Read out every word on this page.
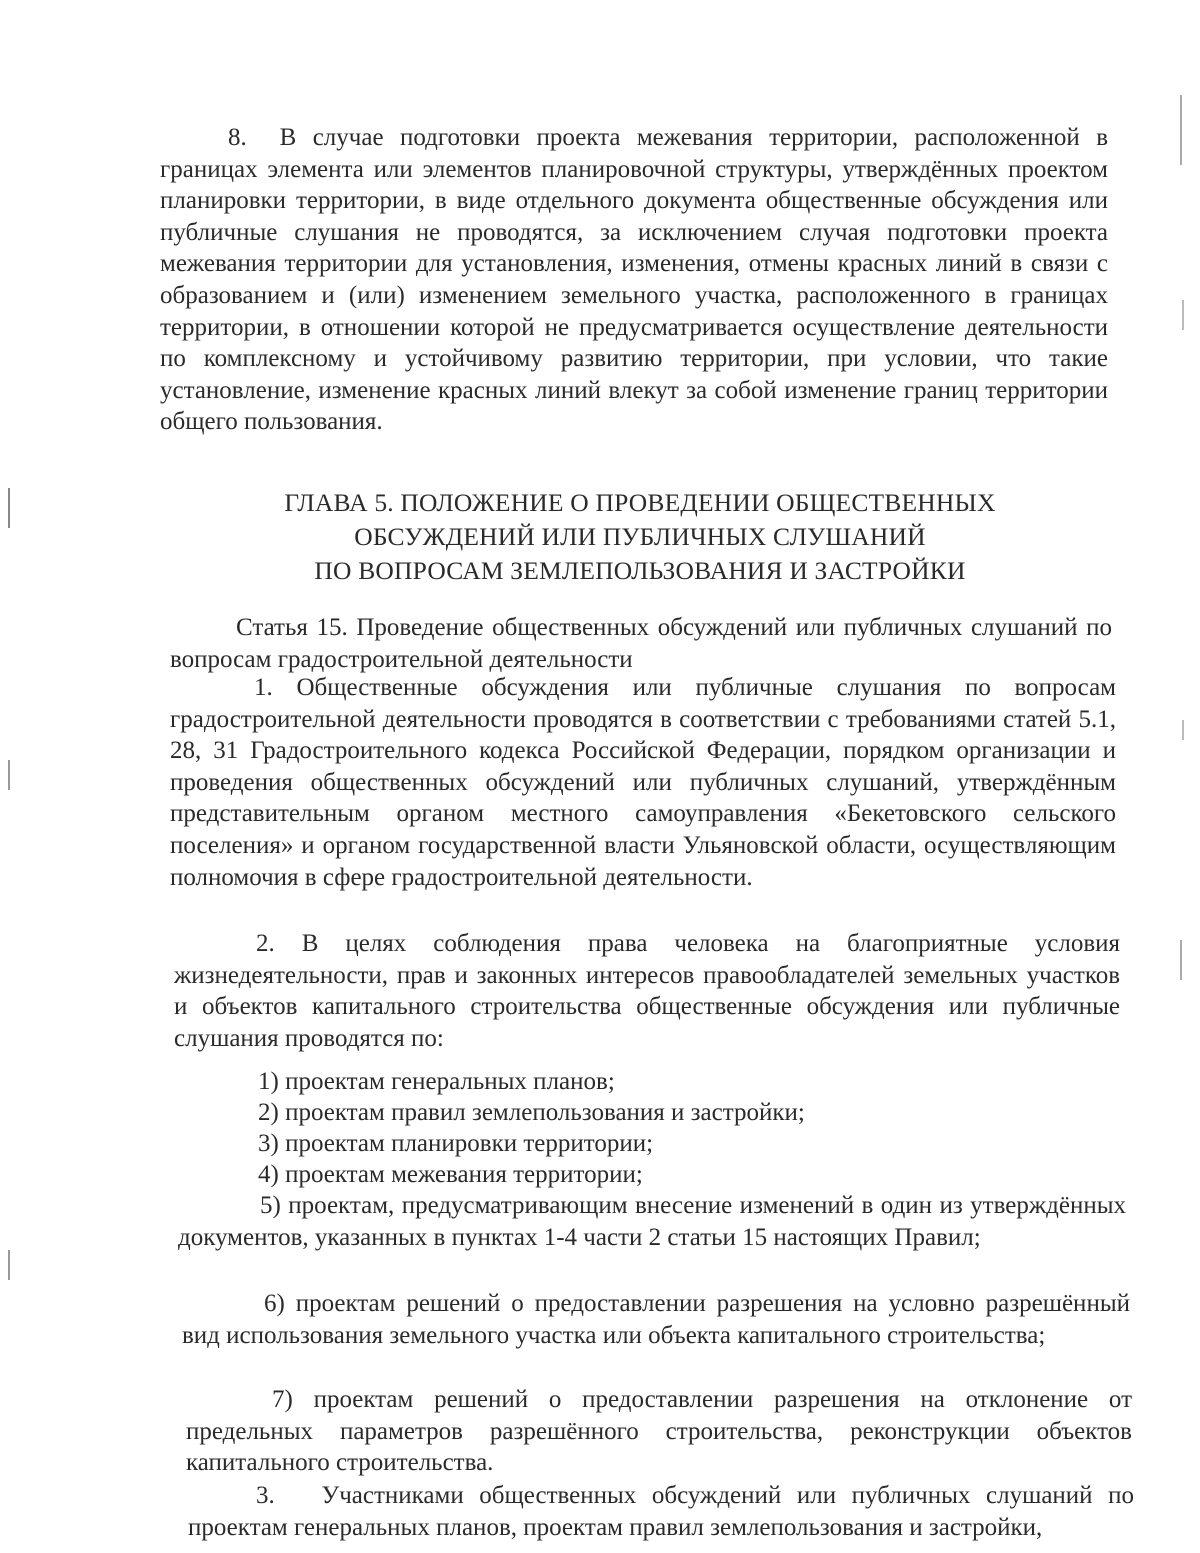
8. В случае подготовки проекта межевания территории, расположенной в границах элемента или элементов планировочной структуры, утверждённых проектом планировки территории, в виде отдельного документа общественные обсуждения или публичные слушания не проводятся, за исключением случая подготовки проекта межевания территории для установления, изменения, отмены красных линий в связи с образованием и (или) изменением земельного участка, расположенного в границах территории, в отношении которой не предусматривается осуществление деятельности по комплексному и устойчивому развитию территории, при условии, что такие установление, изменение красных линий влекут за собой изменение границ территории общего пользования.
ГЛАВА 5. ПОЛОЖЕНИЕ О ПРОВЕДЕНИИ ОБЩЕСТВЕННЫХ
ОБСУЖДЕНИЙ ИЛИ ПУБЛИЧНЫХ СЛУШАНИЙ
ПО ВОПРОСАМ ЗЕМЛЕПОЛЬЗОВАНИЯ И ЗАСТРОЙКИ
Статья 15. Проведение общественных обсуждений или публичных слушаний по вопросам градостроительной деятельности
1. Общественные обсуждения или публичные слушания по вопросам градостроительной деятельности проводятся в соответствии с требованиями статей 5.1, 28, 31 Градостроительного кодекса Российской Федерации, порядком организации и проведения общественных обсуждений или публичных слушаний, утверждённым представительным органом местного самоуправления «Бекетовского сельского поселения» и органом государственной власти Ульяновской области, осуществляющим полномочия в сфере градостроительной деятельности.
2. В целях соблюдения права человека на благоприятные условия жизнедеятельности, прав и законных интересов правообладателей земельных участков и объектов капитального строительства общественные обсуждения или публичные слушания проводятся по:
1) проектам генеральных планов;
2) проектам правил землепользования и застройки;
3) проектам планировки территории;
4) проектам межевания территории;
5) проектам, предусматривающим внесение изменений в один из утверждённых документов, указанных в пунктах 1-4 части 2 статьи 15 настоящих Правил;
6) проектам решений о предоставлении разрешения на условно разрешённый вид использования земельного участка или объекта капитального строительства;
7) проектам решений о предоставлении разрешения на отклонение от предельных параметров разрешённого строительства, реконструкции объектов капитального строительства.
3. Участниками общественных обсуждений или публичных слушаний по проектам генеральных планов, проектам правил землепользования и застройки,
